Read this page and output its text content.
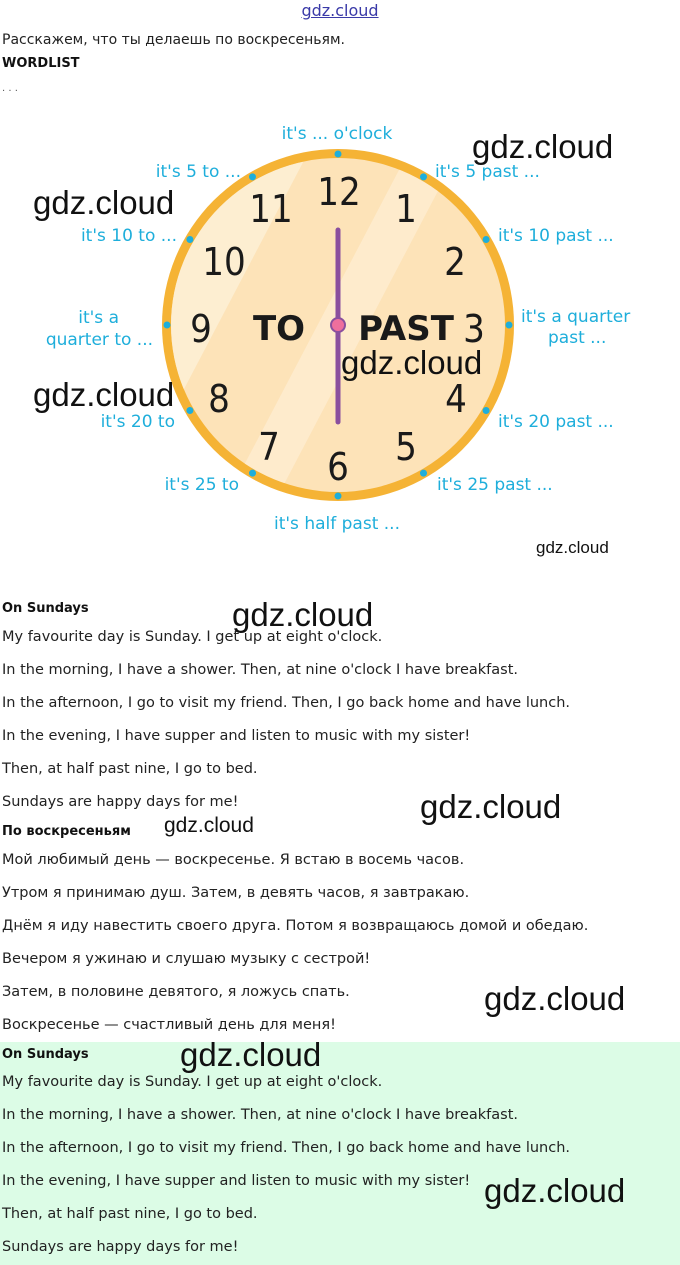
gdz.cloud
Расскажем, что ты делаешь по воскресеньям.
WORDLIST
· · ·
12 1
2
3
4
5
6
7
8
9
10
11
TO PAST
it's ... o'clock
it's 5 past ...
it's 10 past ...
it's a quarter
past ...
it's 20 past ...
it's 25 past ...
it's half past ...
it's 25 to
it's 20 to
it's a
quarter to ...
it's 10 to ...
it's 5 to ...
On Sundays
My favourite day is Sunday. I get up at eight o'clock.
In the morning, I have a shower. Then, at nine o'clock I have breakfast.
In the afternoon, I go to visit my friend. Then, I go back home and have lunch.
In the evening, I have supper and listen to music with my sister!
Then, at half past nine, I go to bed.
Sundays are happy days for me!
По воскресеньям
Мой любимый день — воскресенье. Я встаю в восемь часов.
Утром я принимаю душ. Затем, в девять часов, я завтракаю.
Днём я иду навестить своего друга. Потом я возвращаюсь домой и обедаю.
Вечером я ужинаю и слушаю музыку с сестрой!
Затем, в половине девятого, я ложусь спать.
Воскресенье — счастливый день для меня!
On Sundays
My favourite day is Sunday. I get up at eight o'clock.
In the morning, I have a shower. Then, at nine o'clock I have breakfast.
In the afternoon, I go to visit my friend. Then, I go back home and have lunch.
In the evening, I have supper and listen to music with my sister!
Then, at half past nine, I go to bed.
Sundays are happy days for me!
gdz.cloud
gdz.cloud
gdz.cloud
gdz.cloud
gdz.cloud
gdz.cloud
gdz.cloud
gdz.cloud
gdz.cloud
gdz.cloud
gdz.cloud
